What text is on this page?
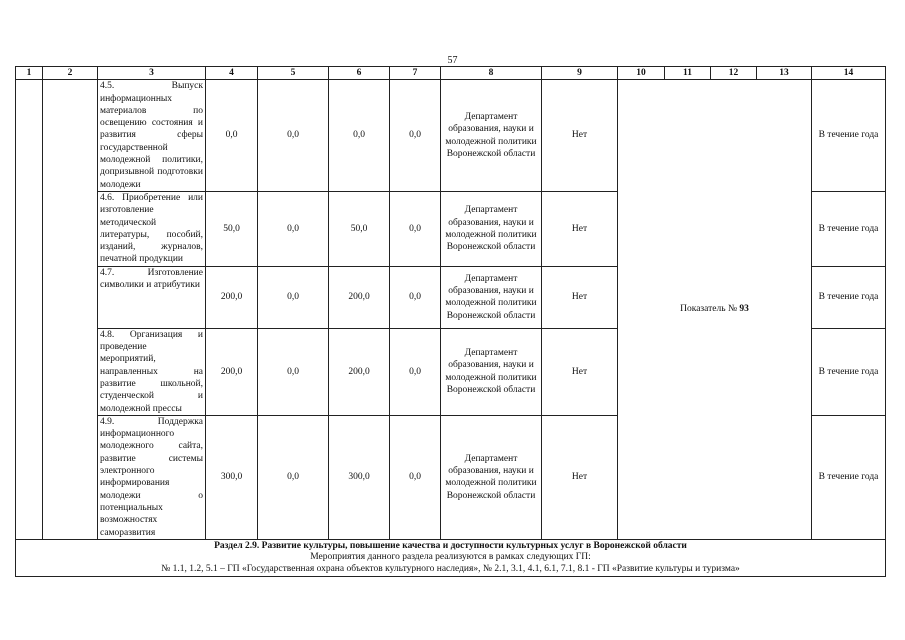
57
1	2	3	4	5	6	7	8	9	10	11	12	13	14
		4.5. Выпуск информационных материалов по освещению состояния и развития сферы государственной молодежной политики, допризывной подготовки молодежи	0,0	0,0	0,0	0,0	Департамент образования, науки и молодежной политики Воронежской области	Нет	Показатель № 93				В течение года
		4.6. Приобретение или изготовление методической литературы, пособий, изданий, журналов, печатной продукции	50,0	0,0	50,0	0,0	Департамент образования, науки и молодежной политики Воронежской области	Нет					В течение года
		4.7. Изготовление символики и атрибутики	200,0	0,0	200,0	0,0	Департамент образования, науки и молодежной политики Воронежской области	Нет					В течение года
		4.8. Организация и проведение мероприятий, направленных на развитие школьной, студенческой и молодежной прессы	200,0	0,0	200,0	0,0	Департамент образования, науки и молодежной политики Воронежской области	Нет					В течение года
		4.9. Поддержка информационного молодежного сайта, развитие системы электронного информирования молодежи о потенциальных возможностях саморазвития	300,0	0,0	300,0	0,0	Департамент образования, науки и молодежной политики Воронежской области	Нет					В течение года

Раздел 2.9. Развитие культуры, повышение качества и доступности культурных услуг в Воронежской области
Мероприятия данного раздела реализуются в рамках следующих ГП:
№ 1.1, 1.2, 5.1 – ГП «Государственная охрана объектов культурного наследия», № 2.1, 3.1, 4.1, 6.1, 7.1, 8.1 - ГП «Развитие культуры и туризма»													
